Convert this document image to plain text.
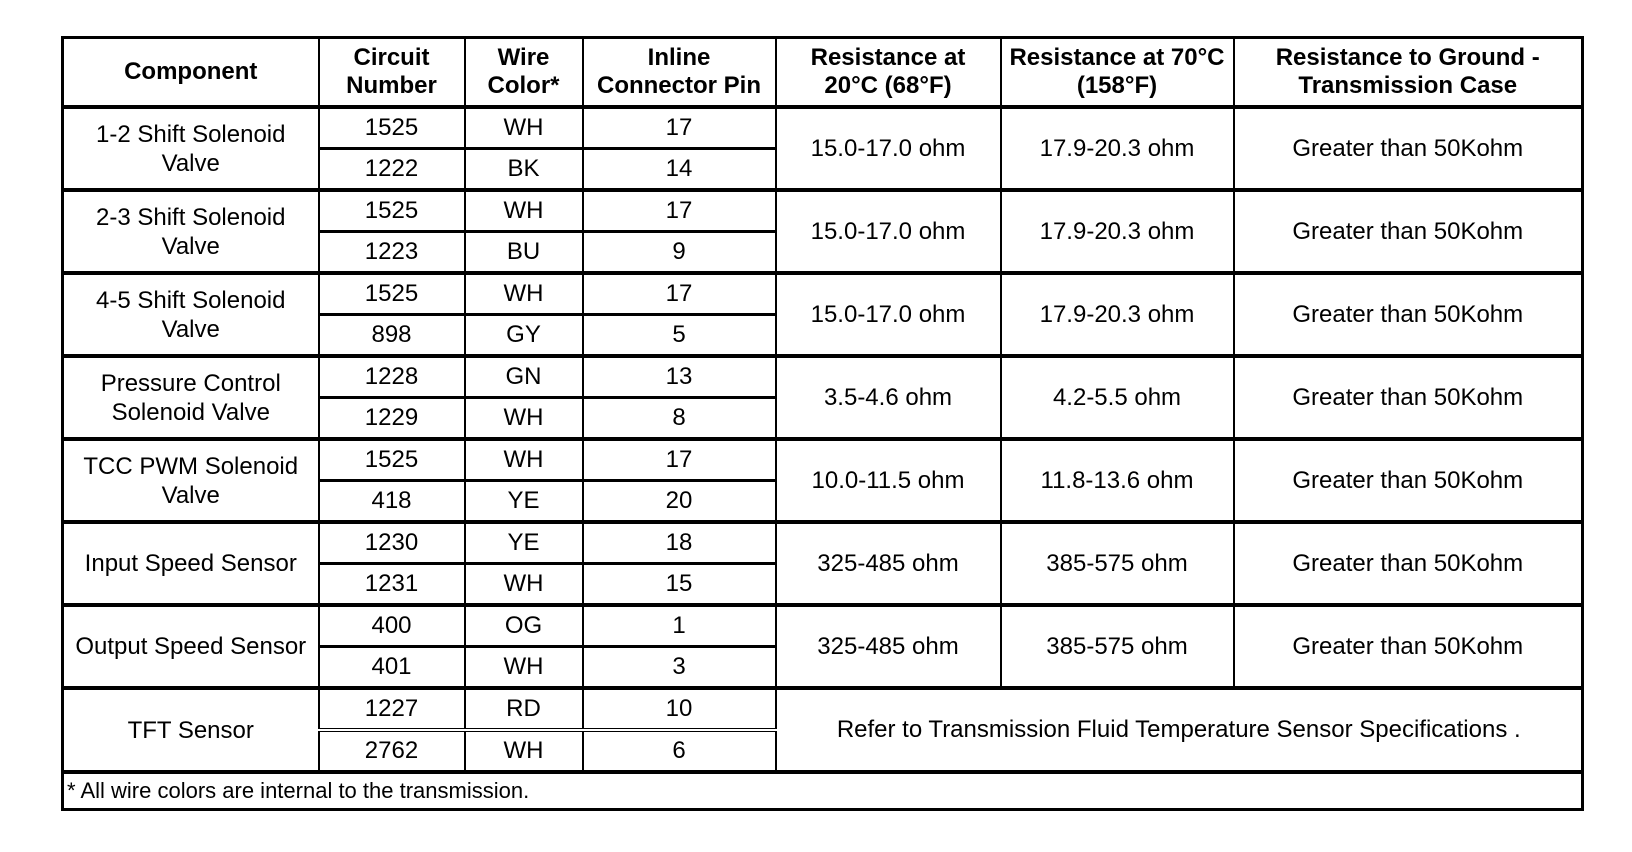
Component	Circuit Number	Wire Color*	Inline Connector Pin	Resistance at 20°C (68°F)	Resistance at 70°C (158°F)	Resistance to Ground - Transmission Case
1-2 Shift Solenoid Valve	1525	WH	17	15.0-17.0 ohm	17.9-20.3 ohm	Greater than 50Kohm
	1222	BK	14			
2-3 Shift Solenoid Valve	1525	WH	17	15.0-17.0 ohm	17.9-20.3 ohm	Greater than 50Kohm
	1223	BU	9			
4-5 Shift Solenoid Valve	1525	WH	17	15.0-17.0 ohm	17.9-20.3 ohm	Greater than 50Kohm
	898	GY	5			
Pressure Control Solenoid Valve	1228	GN	13	3.5-4.6 ohm	4.2-5.5 ohm	Greater than 50Kohm
	1229	WH	8			
TCC PWM Solenoid Valve	1525	WH	17	10.0-11.5 ohm	11.8-13.6 ohm	Greater than 50Kohm
	418	YE	20			
Input Speed Sensor	1230	YE	18	325-485 ohm	385-575 ohm	Greater than 50Kohm
	1231	WH	15			
Output Speed Sensor	400	OG	1	325-485 ohm	385-575 ohm	Greater than 50Kohm
	401	WH	3			
TFT Sensor	1227	RD	10	Refer to Transmission Fluid Temperature Sensor Specifications .		
	2762	WH	6			
* All wire colors are internal to the transmission.						
